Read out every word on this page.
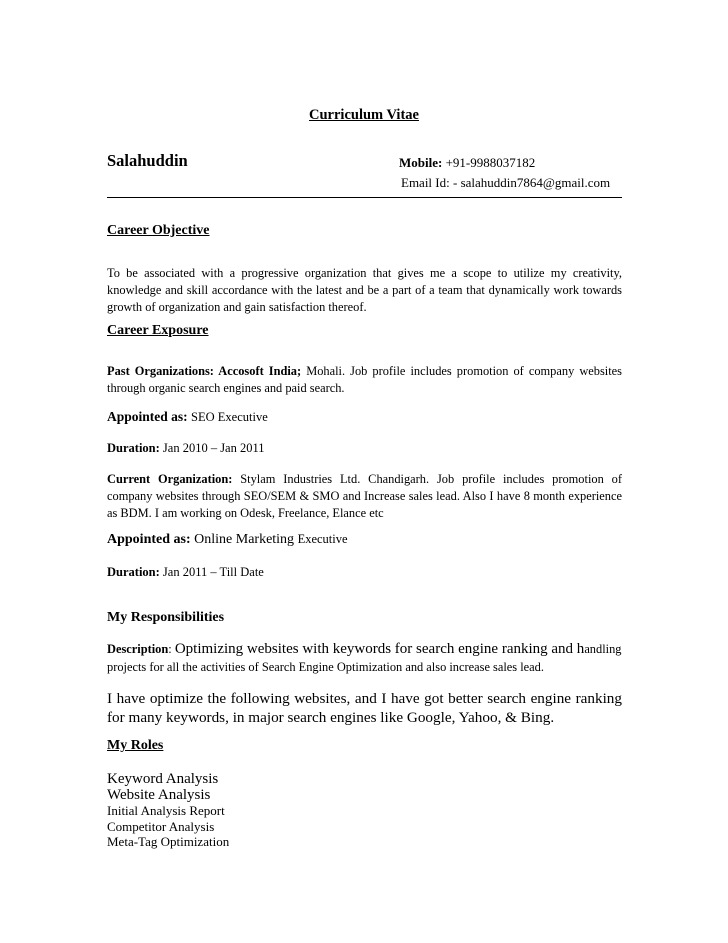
Curriculum Vitae

Salahuddin	Mobile: +91-9988037182

Email Id: - salahuddin7864@gmail.com

Career Objective

To be associated with a progressive organization that gives me a scope to utilize my creativity, knowledge and skill accordance with the latest and be a part of a team that dynamically work towards growth of organization and gain satisfaction thereof.

Career Exposure

Past Organizations: Accosoft India; Mohali. Job profile includes promotion of company websites through organic search engines and paid search.

Appointed as: SEO Executive

Duration: Jan 2010 – Jan 2011

Current Organization: Stylam Industries Ltd. Chandigarh. Job profile includes promotion of company websites through SEO/SEM & SMO and Increase sales lead. Also I have 8 month experience as BDM. I am working on Odesk, Freelance, Elance etc

Appointed as: Online Marketing Executive

Duration: Jan 2011 – Till Date

My Responsibilities

Description: Optimizing websites with keywords for search engine ranking and handling projects for all the activities of Search Engine Optimization and also increase sales lead.

I have optimize the following websites, and I have got better search engine ranking for many keywords, in major search engines like Google, Yahoo, & Bing.

My Roles

Keyword Analysis
Website Analysis
Initial Analysis Report
Competitor Analysis
Meta-Tag Optimization
